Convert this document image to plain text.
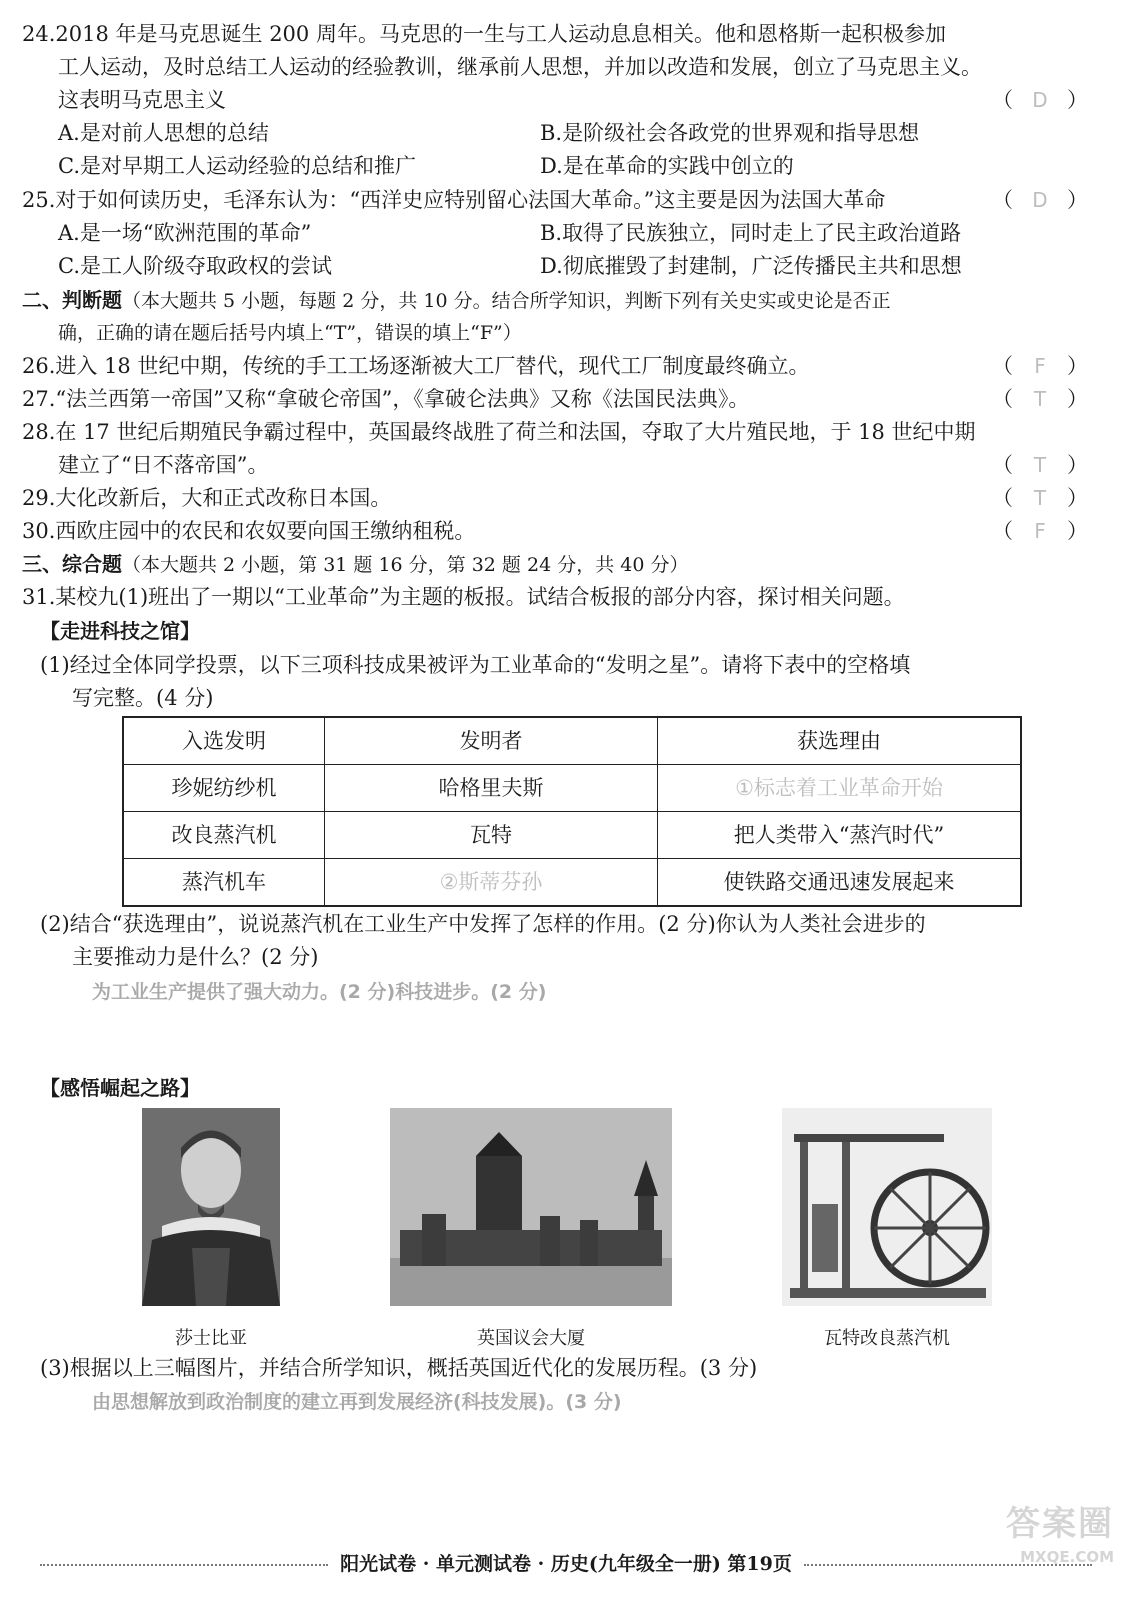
24.2018 年是马克思诞生 200 周年。马克思的一生与工人运动息息相关。他和恩格斯一起积极参加
工人运动，及时总结工人运动的经验教训，继承前人思想，并加以改造和发展，创立了马克思主义。
这表明马克思主义	（ D ）
A.是对前人思想的总结	B.是阶级社会各政党的世界观和指导思想
C.是对早期工人运动经验的总结和推广	D.是在革命的实践中创立的
25.对于如何读历史，毛泽东认为：“西洋史应特别留心法国大革命。”这主要是因为法国大革命	（ D ）
A.是一场“欧洲范围的革命”	B.取得了民族独立，同时走上了民主政治道路
C.是工人阶级夺取政权的尝试	D.彻底摧毁了封建制，广泛传播民主共和思想
二、判断题（本大题共 5 小题，每题 2 分，共 10 分。结合所学知识，判断下列有关史实或史论是否正
确，正确的请在题后括号内填上“T”，错误的填上“F”）
26.进入 18 世纪中期，传统的手工工场逐渐被大工厂替代，现代工厂制度最终确立。	（ F ）
27.“法兰西第一帝国”又称“拿破仑帝国”，《拿破仑法典》又称《法国民法典》。	（ T ）
28.在 17 世纪后期殖民争霸过程中，英国最终战胜了荷兰和法国，夺取了大片殖民地，于 18 世纪中期
建立了“日不落帝国”。	（ T ）
29.大化改新后，大和正式改称日本国。	（ T ）
30.西欧庄园中的农民和农奴要向国王缴纳租税。	（ F ）
三、综合题（本大题共 2 小题，第 31 题 16 分，第 32 题 24 分，共 40 分）
31.某校九(1)班出了一期以“工业革命”为主题的板报。试结合板报的部分内容，探讨相关问题。
【走进科技之馆】
(1)经过全体同学投票，以下三项科技成果被评为工业革命的“发明之星”。请将下表中的空格填
写完整。(4 分)
入选发明	发明者	获选理由
珍妮纺纱机	哈格里夫斯	①标志着工业革命开始
改良蒸汽机	瓦特	把人类带入“蒸汽时代”
蒸汽机车	②斯蒂芬孙	使铁路交通迅速发展起来
(2)结合“获选理由”，说说蒸汽机在工业生产中发挥了怎样的作用。(2 分)你认为人类社会进步的
主要推动力是什么？(2 分)
为工业生产提供了强大动力。(2 分)科技进步。(2 分)
【感悟崛起之路】
莎士比亚	英国议会大厦	瓦特改良蒸汽机
(3)根据以上三幅图片，并结合所学知识，概括英国近代化的发展历程。(3 分)
由思想解放到政治制度的建立再到发展经济(科技发展)。(3 分)
阳光试卷 · 单元测试卷 · 历史(九年级全一册) 第19页
答案圈
MXQE.COM
